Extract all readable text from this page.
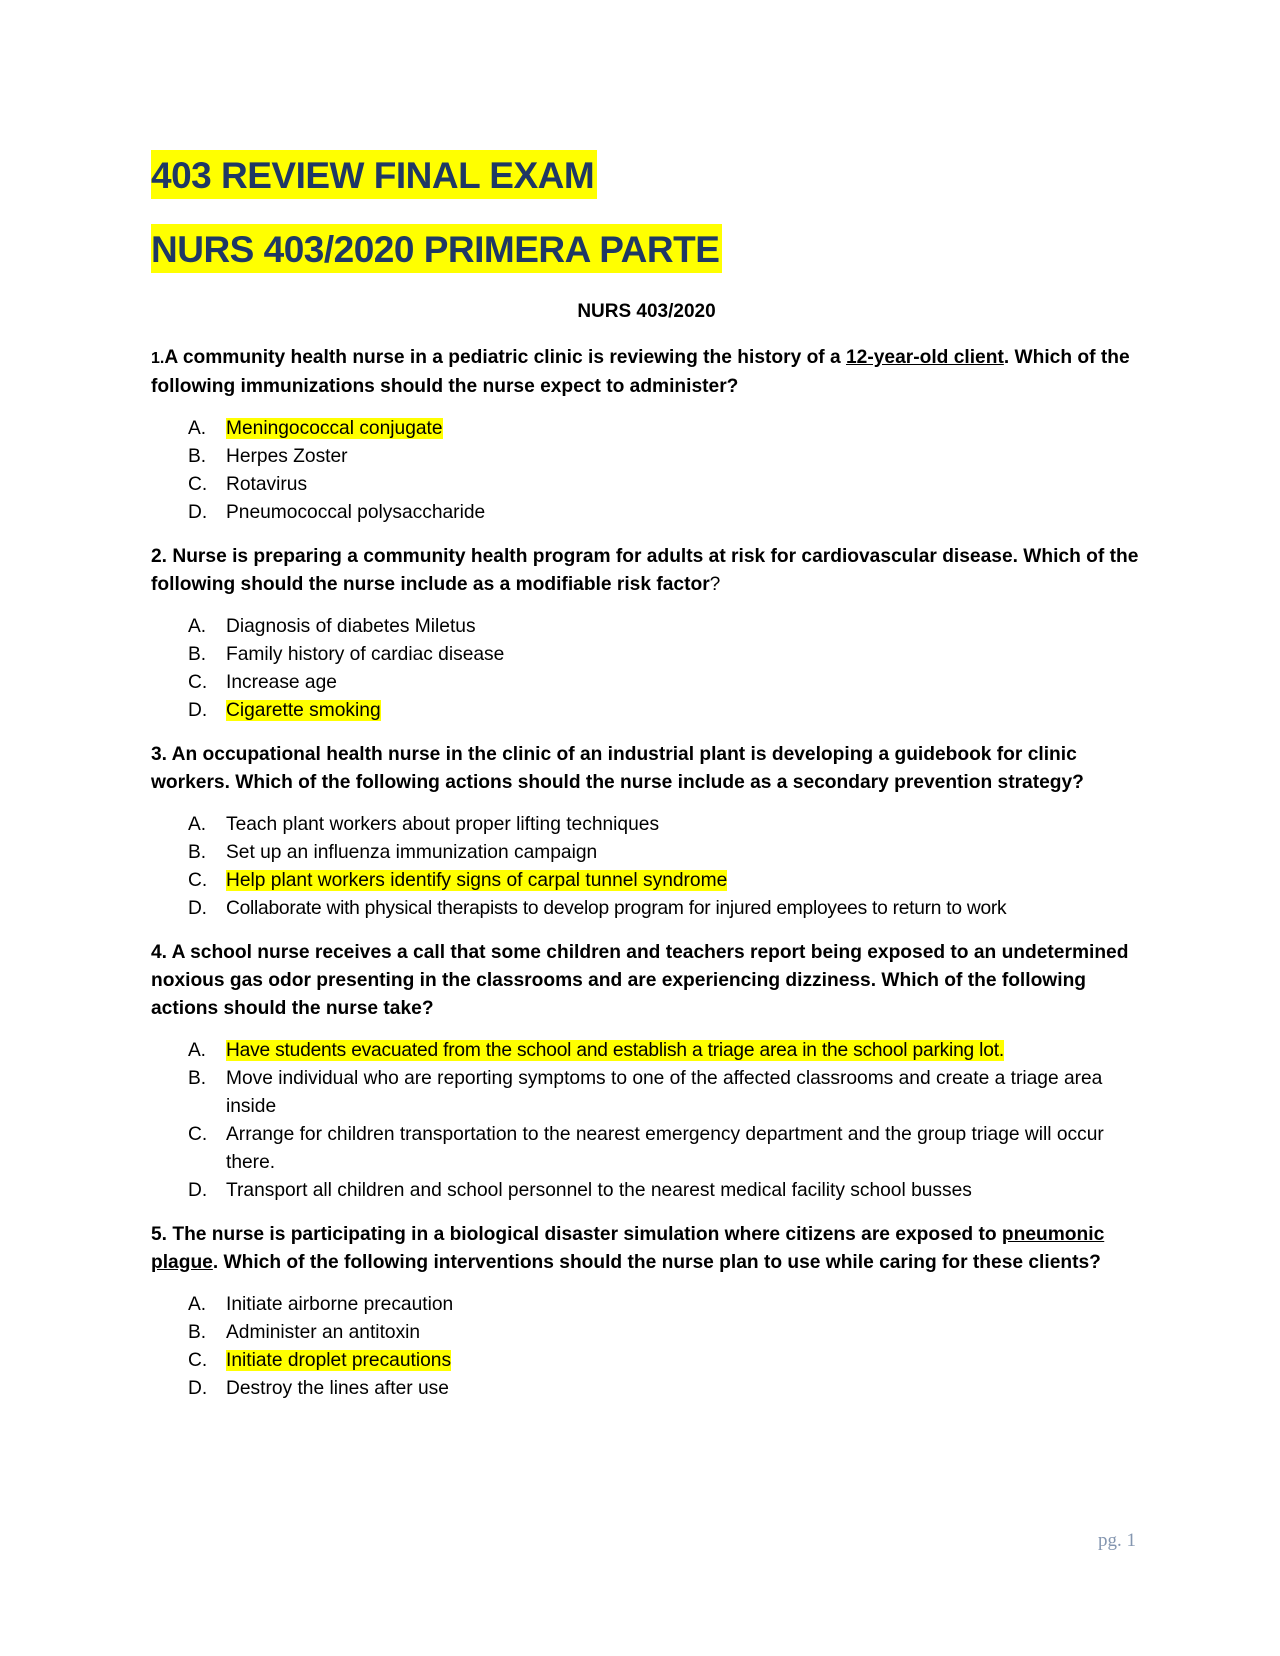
403 REVIEW FINAL EXAM
NURS 403/2020 PRIMERA PARTE
NURS 403/2020

1.A community health nurse in a pediatric clinic is reviewing the history of a 12-year-old client. Which of the following immunizations should the nurse expect to administer?

A. Meningococcal conjugate
B. Herpes Zoster
C. Rotavirus
D. Pneumococcal polysaccharide

2. Nurse is preparing a community health program for adults at risk for cardiovascular disease. Which of the following should the nurse include as a modifiable risk factor?

A. Diagnosis of diabetes Miletus
B. Family history of cardiac disease
C. Increase age
D. Cigarette smoking

3. An occupational health nurse in the clinic of an industrial plant is developing a guidebook for clinic workers. Which of the following actions should the nurse include as a secondary prevention strategy?

A. Teach plant workers about proper lifting techniques
B. Set up an influenza immunization campaign
C. Help plant workers identify signs of carpal tunnel syndrome
D. Collaborate with physical therapists to develop program for injured employees to return to work

4. A school nurse receives a call that some children and teachers report being exposed to an undetermined noxious gas odor presenting in the classrooms and are experiencing dizziness. Which of the following actions should the nurse take?

A. Have students evacuated from the school and establish a triage area in the school parking lot.
B. Move individual who are reporting symptoms to one of the affected classrooms and create a triage area inside
C. Arrange for children transportation to the nearest emergency department and the group triage will occur there.
D. Transport all children and school personnel to the nearest medical facility school busses

5. The nurse is participating in a biological disaster simulation where citizens are exposed to pneumonic plague. Which of the following interventions should the nurse plan to use while caring for these clients?

A. Initiate airborne precaution
B. Administer an antitoxin
C. Initiate droplet precautions
D. Destroy the lines after use
pg. 1
